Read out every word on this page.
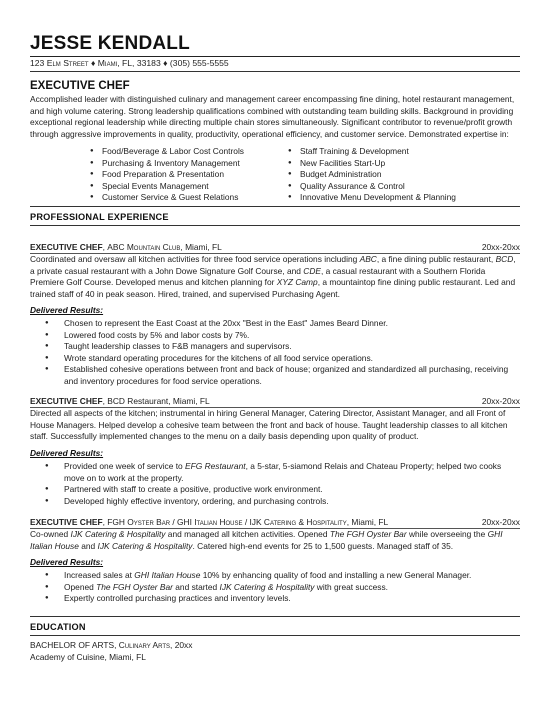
JESSE KENDALL
123 Elm Street ♦ Miami, FL, 33183 ♦ (305) 555-5555
EXECUTIVE CHEF
Accomplished leader with distinguished culinary and management career encompassing fine dining, hotel restaurant management, and high volume catering. Strong leadership qualifications combined with outstanding team building skills. Background in providing exceptional regional leadership while directing multiple chain stores simultaneously. Significant contributor to revenue/profit growth through aggressive improvements in quality, productivity, operational efficiency, and customer service. Demonstrated expertise in:
● Food/Beverage & Labor Cost Controls
● Purchasing & Inventory Management
● Food Preparation & Presentation
● Special Events Management
● Customer Service & Guest Relations
● Staff Training & Development
● New Facilities Start-Up
● Budget Administration
● Quality Assurance & Control
● Innovative Menu Development & Planning
PROFESSIONAL EXPERIENCE
EXECUTIVE CHEF, ABC Mountain Club, Miami, FL	20xx-20xx
Coordinated and oversaw all kitchen activities for three food service operations including ABC, a fine dining public restaurant, BCD, a private casual restaurant with a John Dowe Signature Golf Course, and CDE, a casual restaurant with a Southern Florida Premiere Golf Course. Developed menus and kitchen planning for XYZ Camp, a mountaintop fine dining public restaurant. Led and trained staff of 40 in peak season. Hired, trained, and supervised Purchasing Agent.
Delivered Results:
● Chosen to represent the East Coast at the 20xx "Best in the East" James Beard Dinner.
● Lowered food costs by 5% and labor costs by 7%.
● Taught leadership classes to F&B managers and supervisors.
● Wrote standard operating procedures for the kitchens of all food service operations.
● Established cohesive operations between front and back of house; organized and standardized all purchasing, receiving and inventory procedures for food service operations.
EXECUTIVE CHEF, BCD Restaurant, Miami, FL	20xx-20xx
Directed all aspects of the kitchen; instrumental in hiring General Manager, Catering Director, Assistant Manager, and all Front of House Managers. Helped develop a cohesive team between the front and back of house. Taught leadership classes to all kitchen staff. Successfully implemented changes to the menu on a daily basis depending upon quality of product.
Delivered Results:
● Provided one week of service to EFG Restaurant, a 5-star, 5-siamond Relais and Chateau Property; helped two cooks move on to work at the property.
● Partnered with staff to create a positive, productive work environment.
● Developed highly effective inventory, ordering, and purchasing controls.
EXECUTIVE CHEF, FGH Oyster Bar / GHI Italian House / IJK Catering & Hospitality, Miami, FL	20xx-20xx
Co-owned IJK Catering & Hospitality and managed all kitchen activities. Opened The FGH Oyster Bar while overseeing the GHI Italian House and IJK Catering & Hospitality. Catered high-end events for 25 to 1,500 guests. Managed staff of 35.
Delivered Results:
● Increased sales at GHI Italian House 10% by enhancing quality of food and installing a new General Manager.
● Opened The FGH Oyster Bar and started IJK Catering & Hospitality with great success.
● Expertly controlled purchasing practices and inventory levels.
EDUCATION
BACHELOR OF ARTS, Culinary Arts, 20xx
Academy of Cuisine, Miami, FL
